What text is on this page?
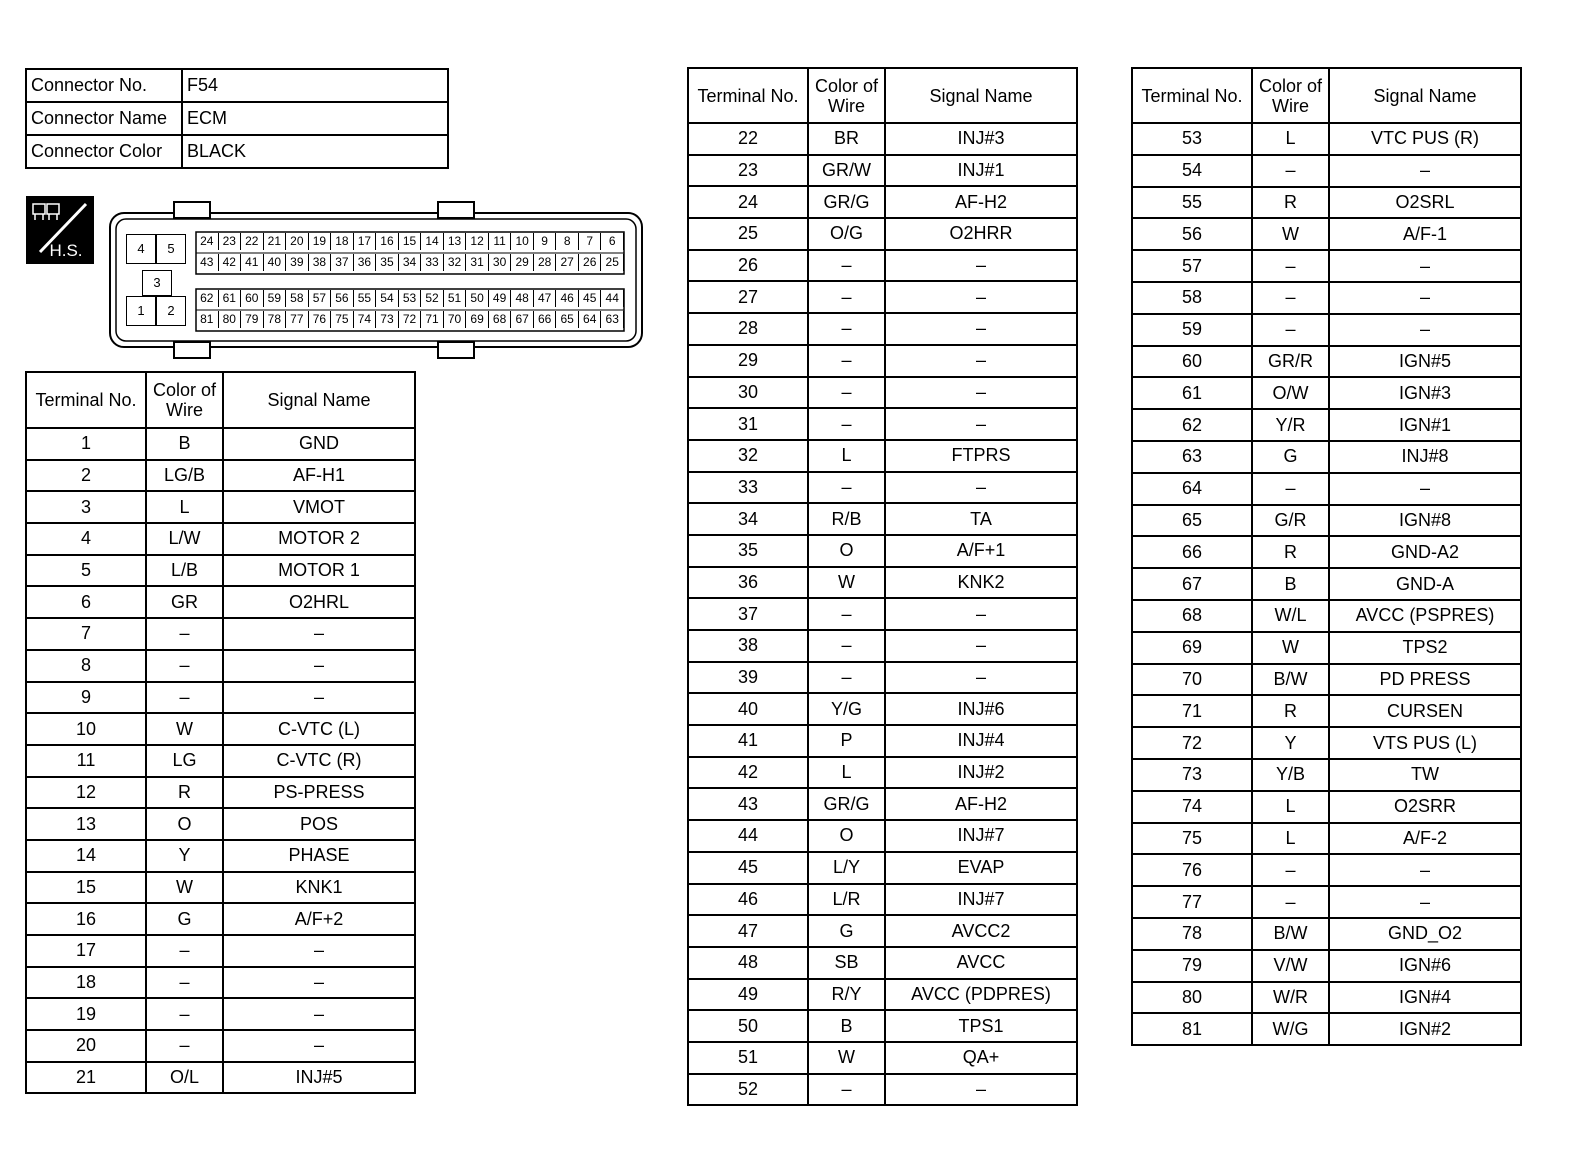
Connector No.	F54
Connector Name	ECM
Connector Color	BLACK
H.S.	24 23 22 21 20 19 18 17 16 15 14 13 12 11 10	9	8	7	6
43 42 41 40 39 38 37 36 35 34 33 32 31 30 29 28 27 26 25
62 61 60 59 58 57 56 55 54 53 52 51 50 49 48 47 46 45 44
81 80 79 78 77 76 75 74 73 72 71 70 69 68 67 66 65 64 63
4	5
3
1	2
Terminal No.	Color of Wire	Signal Name
1	B	GND
2	LG/B	AF-H1
3	L	VMOT
4	L/W	MOTOR 2
5	L/B	MOTOR 1
6	GR	O2HRL
7	–	–
8	–	–
9	–	–
10	W	C-VTC (L)
11	LG	C-VTC (R)
12	R	PS-PRESS
13	O	POS
14	Y	PHASE
15	W	KNK1
16	G	A/F+2
17	–	–
18	–	–
19	–	–
20	–	–
21	O/L	INJ#5
Terminal No.	Color of Wire	Signal Name
22	BR	INJ#3
23	GR/W	INJ#1
24	GR/G	AF-H2
25	O/G	O2HRR
26	–	–
27	–	–
28	–	–
29	–	–
30	–	–
31	–	–
32	L	FTPRS
33	–	–
34	R/B	TA
35	O	A/F+1
36	W	KNK2
37	–	–
38	–	–
39	–	–
40	Y/G	INJ#6
41	P	INJ#4
42	L	INJ#2
43	GR/G	AF-H2
44	O	INJ#7
45	L/Y	EVAP
46	L/R	INJ#7
47	G	AVCC2
48	SB	AVCC
49	R/Y	AVCC (PDPRES)
50	B	TPS1
51	W	QA+
52	–	–
Terminal No.	Color of Wire	Signal Name
53	L	VTC PUS (R)
54	–	–
55	R	O2SRL
56	W	A/F-1
57	–	–
58	–	–
59	–	–
60	GR/R	IGN#5
61	O/W	IGN#3
62	Y/R	IGN#1
63	G	INJ#8
64	–	–
65	G/R	IGN#8
66	R	GND-A2
67	B	GND-A
68	W/L	AVCC (PSPRES)
69	W	TPS2
70	B/W	PD PRESS
71	R	CURSEN
72	Y	VTS PUS (L)
73	Y/B	TW
74	L	O2SRR
75	L	A/F-2
76	–	–
77	–	–
78	B/W	GND_O2
79	V/W	IGN#6
80	W/R	IGN#4
81	W/G	IGN#2
